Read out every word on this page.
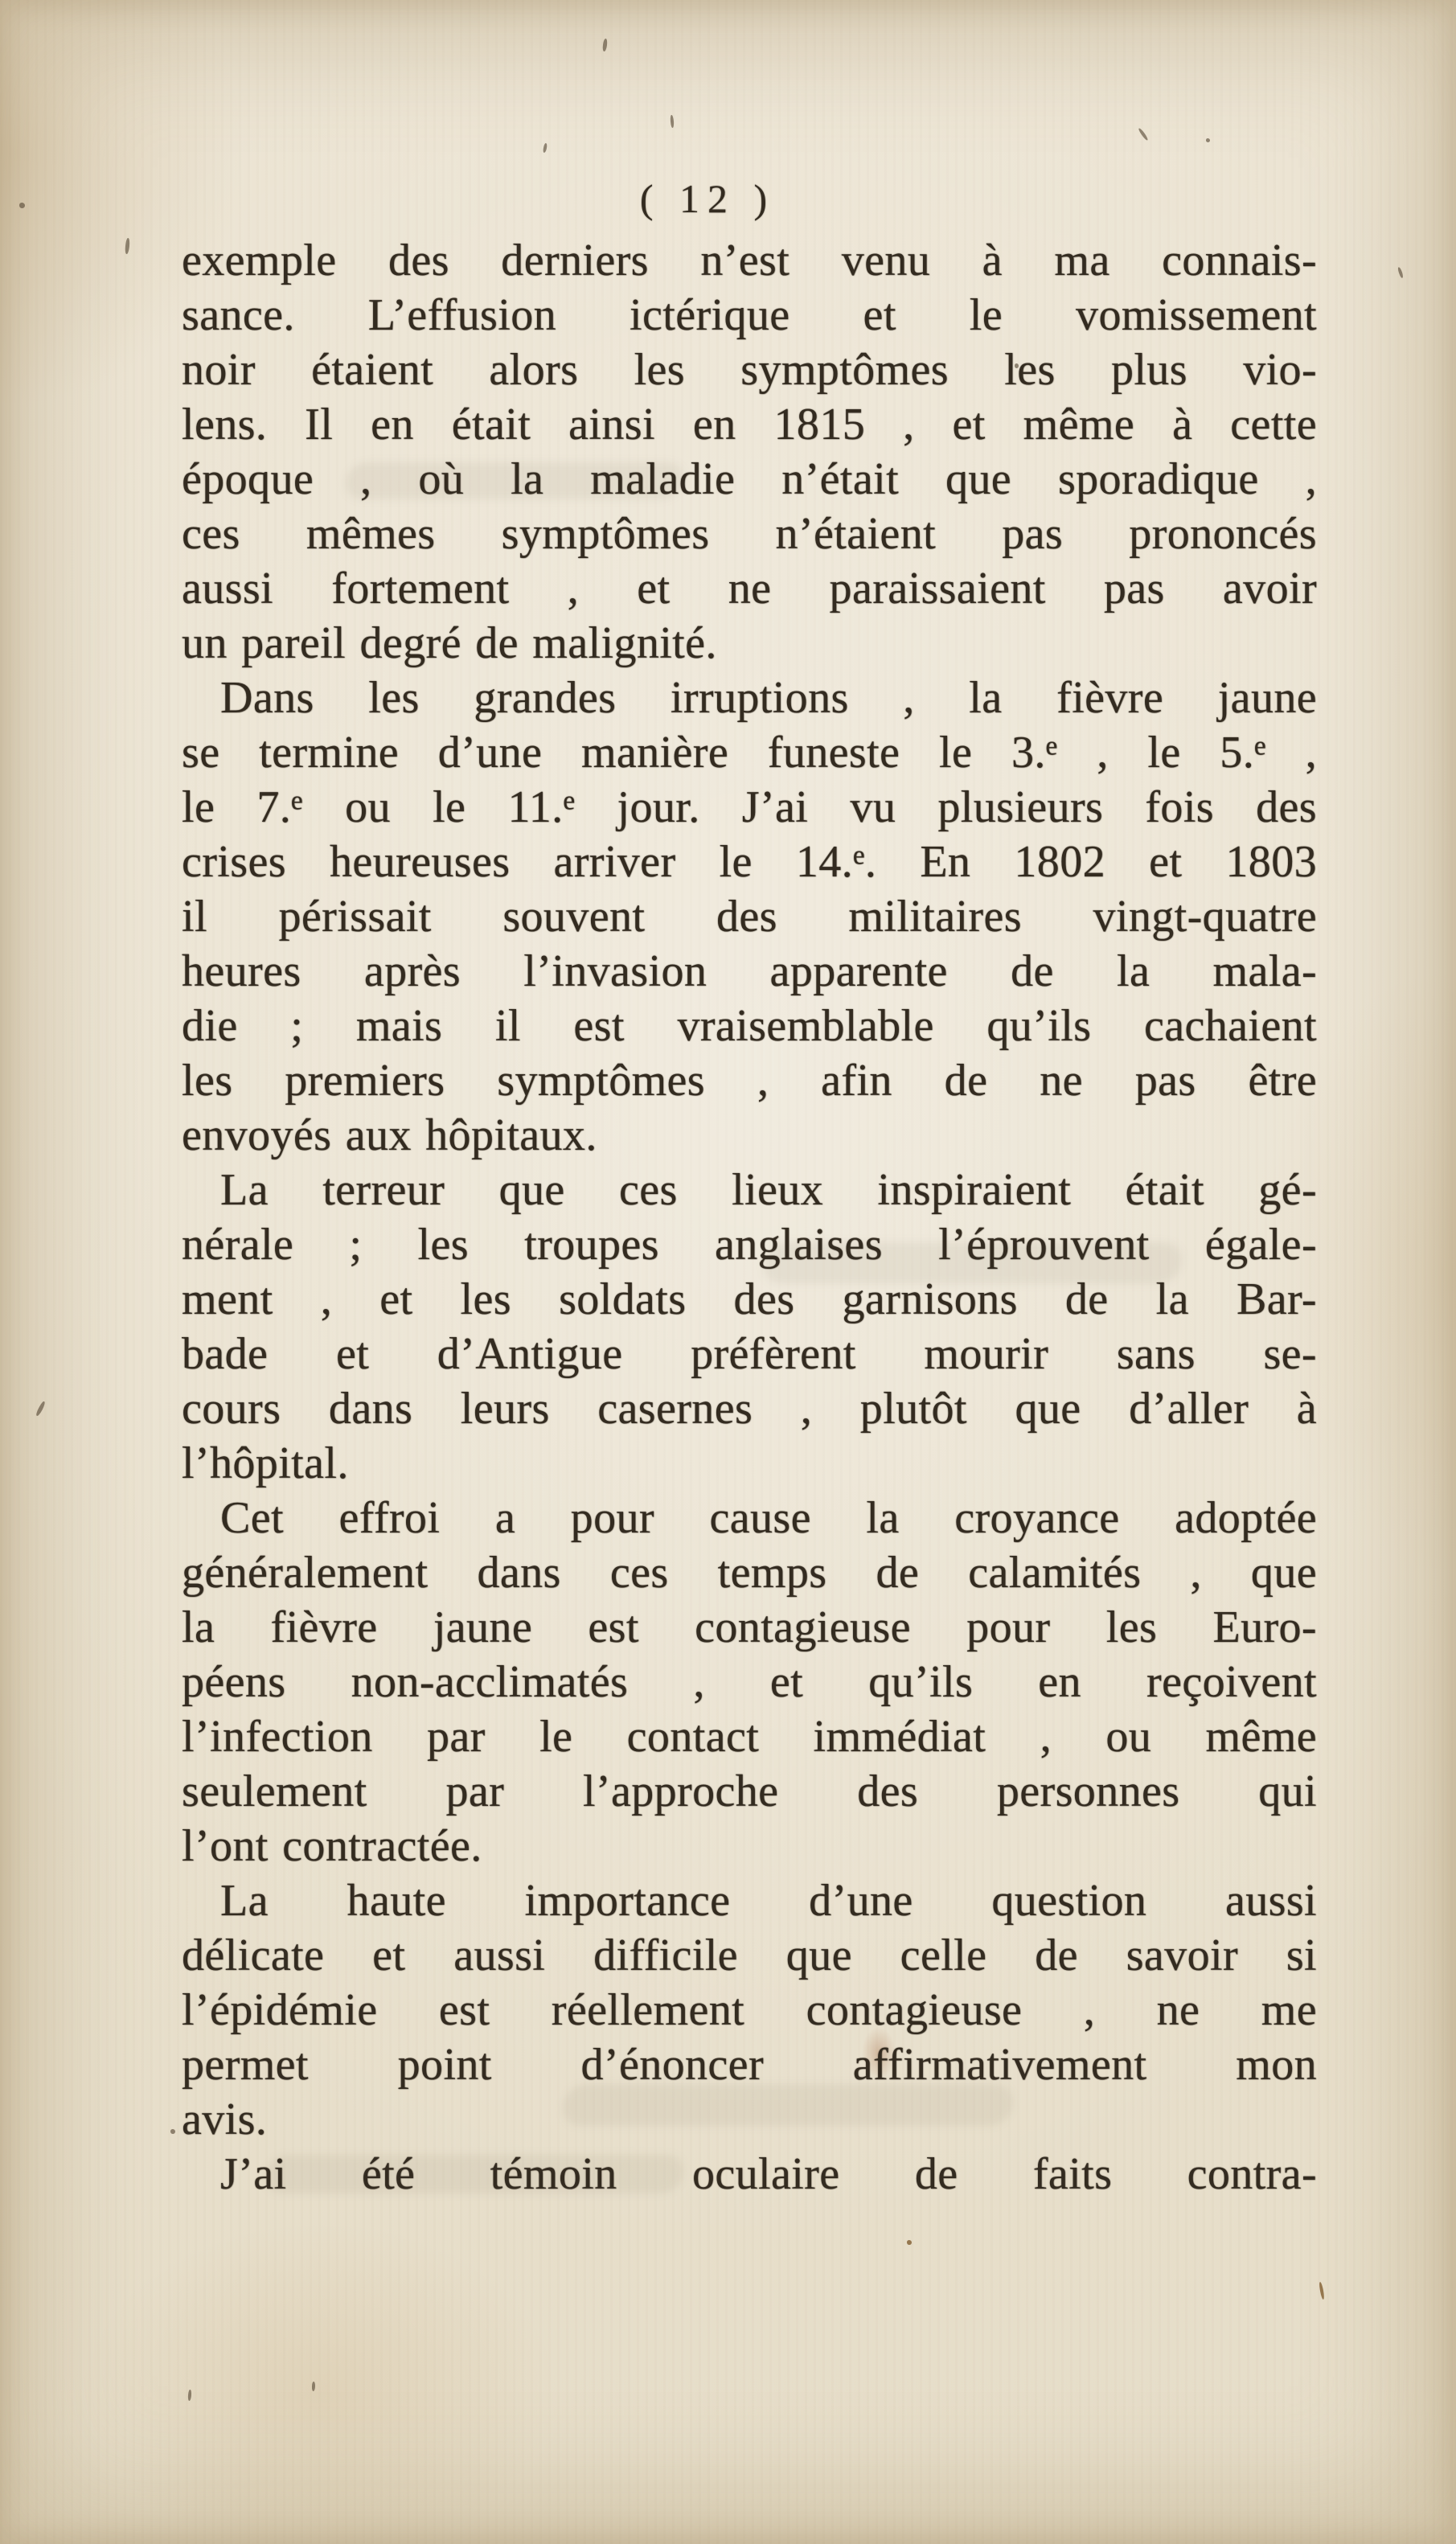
( 12 )
exemple des derniers n’est venu à ma connais-
sance. L’effusion ictérique et le vomissement
noir étaient alors les symptômes les plus vio-
lens. Il en était ainsi en 1815 , et même à cette
époque , où la maladie n’était que sporadique ,
ces mêmes symptômes n’étaient pas prononcés
aussi fortement , et ne paraissaient pas avoir
un pareil degré de malignité.
Dans les grandes irruptions , la fièvre jaune
se termine d’une manière funeste le 3.ᵉ , le 5.ᵉ ,
le 7.ᵉ ou le 11.ᵉ jour. J’ai vu plusieurs fois des
crises heureuses arriver le 14.ᵉ. En 1802 et 1803
il périssait souvent des militaires vingt-quatre
heures après l’invasion apparente de la mala-
die ; mais il est vraisemblable qu’ils cachaient
les premiers symptômes , afin de ne pas être
envoyés aux hôpitaux.
La terreur que ces lieux inspiraient était gé-
nérale ; les troupes anglaises l’éprouvent égale-
ment , et les soldats des garnisons de la Bar-
bade et d’Antigue préfèrent mourir sans se-
cours dans leurs casernes , plutôt que d’aller à
l’hôpital.
Cet effroi a pour cause la croyance adoptée
généralement dans ces temps de calamités , que
la fièvre jaune est contagieuse pour les Euro-
péens non-acclimatés , et qu’ils en reçoivent
l’infection par le contact immédiat , ou même
seulement par l’approche des personnes qui
l’ont contractée.
La haute importance d’une question aussi
délicate et aussi difficile que celle de savoir si
l’épidémie est réellement contagieuse , ne me
permet point d’énoncer affirmativement mon
avis.
J’ai été témoin oculaire de faits contra-
